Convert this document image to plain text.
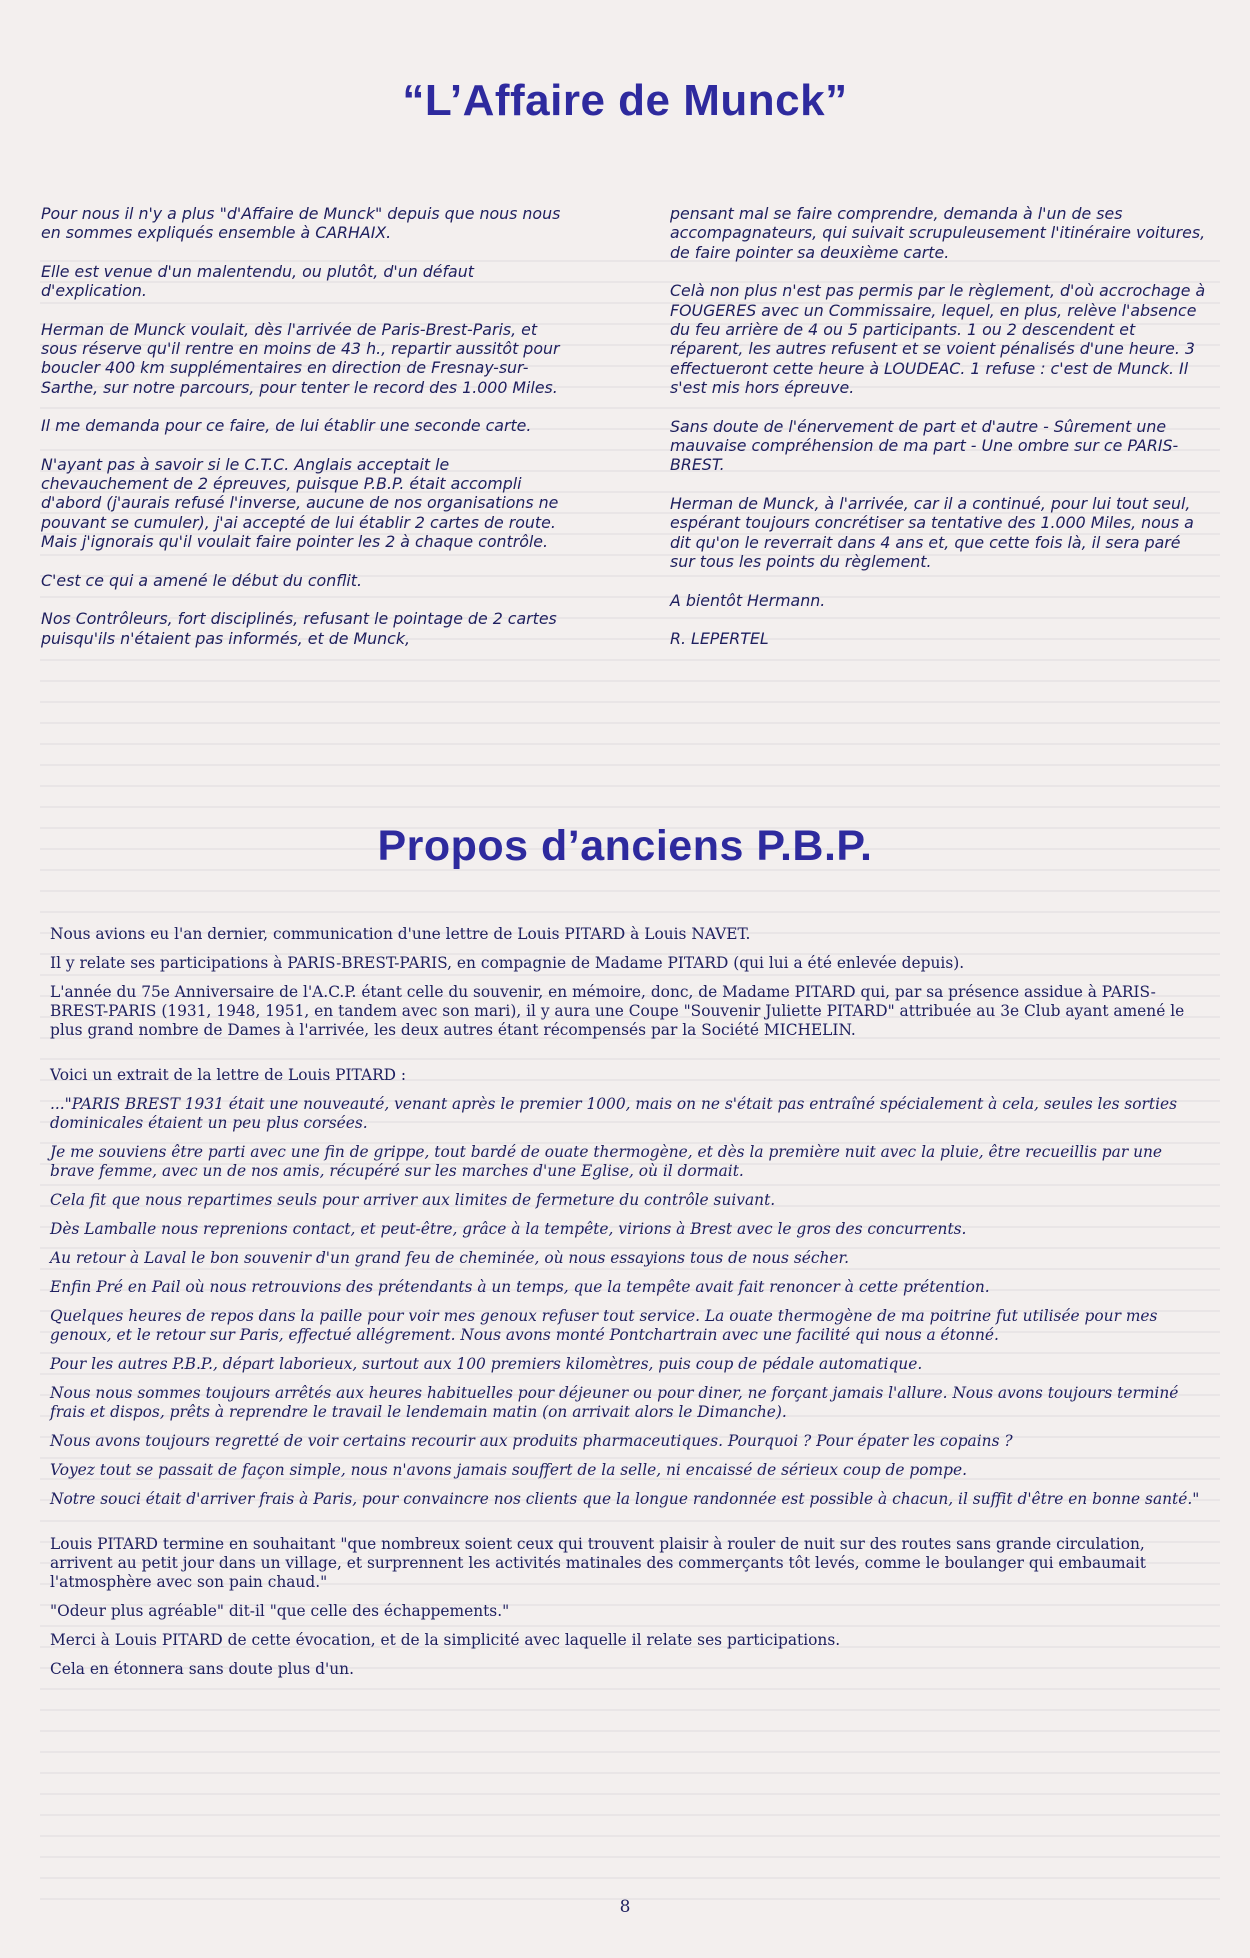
“L’Affaire de Munck”

Pour nous il n'y a plus "d'Affaire de Munck" depuis que nous nous en sommes expliqués ensemble à CARHAIX.

Elle est venue d'un malentendu, ou plutôt, d'un défaut d'explication.

Herman de Munck voulait, dès l'arrivée de Paris-Brest-Paris, et sous réserve qu'il rentre en moins de 43 h., repartir aussitôt pour boucler 400 km supplémentaires en direction de Fresnay-sur-Sarthe, sur notre parcours, pour tenter le record des 1.000 Miles.

Il me demanda pour ce faire, de lui établir une seconde carte.

N'ayant pas à savoir si le C.T.C. Anglais acceptait le chevauchement de 2 épreuves, puisque P.B.P. était accompli d'abord (j'aurais refusé l'inverse, aucune de nos organisations ne pouvant se cumuler), j'ai accepté de lui établir 2 cartes de route. Mais j'ignorais qu'il voulait faire pointer les 2 à chaque contrôle.

C'est ce qui a amené le début du conflit.

Nos Contrôleurs, fort disciplinés, refusant le pointage de 2 cartes puisqu'ils n'étaient pas informés, et de Munck,

pensant mal se faire comprendre, demanda à l'un de ses accompagnateurs, qui suivait scrupuleusement l'itinéraire voitures, de faire pointer sa deuxième carte.

Celà non plus n'est pas permis par le règlement, d'où accrochage à FOUGERES avec un Commissaire, lequel, en plus, relève l'absence du feu arrière de 4 ou 5 participants. 1 ou 2 descendent et réparent, les autres refusent et se voient pénalisés d'une heure. 3 effectueront cette heure à LOUDEAC. 1 refuse : c'est de Munck. Il s'est mis hors épreuve.

Sans doute de l'énervement de part et d'autre - Sûrement une mauvaise compréhension de ma part - Une ombre sur ce PARIS-BREST.

Herman de Munck, à l'arrivée, car il a continué, pour lui tout seul, espérant toujours concrétiser sa tentative des 1.000 Miles, nous a dit qu'on le reverrait dans 4 ans et, que cette fois là, il sera paré sur tous les points du règlement.

A bientôt Hermann.

R. LEPERTEL

Propos d’anciens P.B.P.

Nous avions eu l'an dernier, communication d'une lettre de Louis PITARD à Louis NAVET.

Il y relate ses participations à PARIS-BREST-PARIS, en compagnie de Madame PITARD (qui lui a été enlevée depuis).

L'année du 75e Anniversaire de l'A.C.P. étant celle du souvenir, en mémoire, donc, de Madame PITARD qui, par sa présence assidue à PARIS-BREST-PARIS (1931, 1948, 1951, en tandem avec son mari), il y aura une Coupe "Souvenir Juliette PITARD" attribuée au 3e Club ayant amené le plus grand nombre de Dames à l'arrivée, les deux autres étant récompensés par la Société MICHELIN.

Voici un extrait de la lettre de Louis PITARD :

..."PARIS BREST 1931 était une nouveauté, venant après le premier 1000, mais on ne s'était pas entraîné spécialement à cela, seules les sorties dominicales étaient un peu plus corsées.

Je me souviens être parti avec une fin de grippe, tout bardé de ouate thermogène, et dès la première nuit avec la pluie, être recueillis par une brave femme, avec un de nos amis, récupéré sur les marches d'une Eglise, où il dormait.

Cela fit que nous repartimes seuls pour arriver aux limites de fermeture du contrôle suivant.

Dès Lamballe nous reprenions contact, et peut-être, grâce à la tempête, virions à Brest avec le gros des concurrents.

Au retour à Laval le bon souvenir d'un grand feu de cheminée, où nous essayions tous de nous sécher.

Enfin Pré en Pail où nous retrouvions des prétendants à un temps, que la tempête avait fait renoncer à cette prétention.

Quelques heures de repos dans la paille pour voir mes genoux refuser tout service. La ouate thermogène de ma poitrine fut utilisée pour mes genoux, et le retour sur Paris, effectué allégrement. Nous avons monté Pontchartrain avec une facilité qui nous a étonné.

Pour les autres P.B.P., départ laborieux, surtout aux 100 premiers kilomètres, puis coup de pédale automatique.

Nous nous sommes toujours arrêtés aux heures habituelles pour déjeuner ou pour diner, ne forçant jamais l'allure. Nous avons toujours terminé frais et dispos, prêts à reprendre le travail le lendemain matin (on arrivait alors le Dimanche).

Nous avons toujours regretté de voir certains recourir aux produits pharmaceutiques. Pourquoi ? Pour épater les copains ?

Voyez tout se passait de façon simple, nous n'avons jamais souffert de la selle, ni encaissé de sérieux coup de pompe.

Notre souci était d'arriver frais à Paris, pour convaincre nos clients que la longue randonnée est possible à chacun, il suffit d'être en bonne santé."

Louis PITARD termine en souhaitant "que nombreux soient ceux qui trouvent plaisir à rouler de nuit sur des routes sans grande circulation, arrivent au petit jour dans un village, et surprennent les activités matinales des commerçants tôt levés, comme le boulanger qui embaumait l'atmosphère avec son pain chaud."

"Odeur plus agréable" dit-il "que celle des échappements."

Merci à Louis PITARD de cette évocation, et de la simplicité avec laquelle il relate ses participations.

Cela en étonnera sans doute plus d'un.

8
